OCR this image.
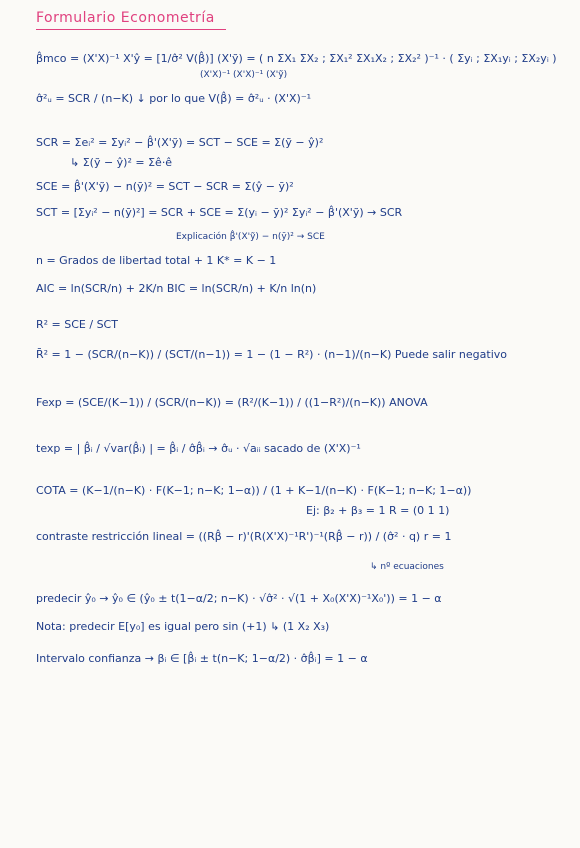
Formulario Econometría
β̂mco = (X'X)⁻¹ X'ŷ = [1/σ̂² V(β̂)] (X'ỹ) = ( n ΣX₁ ΣX₂ ; ΣX₁² ΣX₁X₂ ; ΣX₂² )⁻¹ · ( Σyᵢ ; ΣX₁yᵢ ; ΣX₂yᵢ )
(X'X)⁻¹ (X'X)⁻¹ (X'ỹ)
σ̂²ᵤ = SCR / (n−K) ↓ por lo que V(β̂) = σ̂²ᵤ · (X'X)⁻¹
SCR = Σeᵢ² = Σyᵢ² − β̂'(X'ỹ) = SCT − SCE = Σ(ỹ − ŷ)²
↳ Σ(ỹ − ŷ)² = Σê·ê
SCE = β̂'(X'ỹ) − n(ȳ)² = SCT − SCR = Σ(ŷ − ȳ)²
SCT = [Σyᵢ² − n(ȳ)²] = SCR + SCE = Σ(yᵢ − ȳ)² Σyᵢ² − β̂'(X'ỹ) → SCR
Explicación β̂'(X'ỹ) − n(ȳ)² → SCE
n = Grados de libertad total + 1 K* = K − 1
AIC = ln(SCR/n) + 2K/n BIC = ln(SCR/n) + K/n ln(n)
R² = SCE / SCT
R̄² = 1 − (SCR/(n−K)) / (SCT/(n−1)) = 1 − (1 − R²) · (n−1)/(n−K) Puede salir negativo
Fexp = (SCE/(K−1)) / (SCR/(n−K)) = (R²/(K−1)) / ((1−R²)/(n−K)) ANOVA
texp = | β̂ᵢ / √var(β̂ᵢ) | = β̂ᵢ / σ̂β̂ᵢ → σ̂ᵤ · √aᵢᵢ sacado de (X'X)⁻¹
COTA = (K−1/(n−K) · F(K−1; n−K; 1−α)) / (1 + K−1/(n−K) · F(K−1; n−K; 1−α))
Ej: β₂ + β₃ = 1 R = (0 1 1)
contraste restricción lineal = ((Rβ̂ − r)'(R(X'X)⁻¹R')⁻¹(Rβ̂ − r)) / (σ̂² · q) r = 1
↳ nº ecuaciones
predecir ŷ₀ → ŷ₀ ∈ (ŷ₀ ± t(1−α/2; n−K) · √σ̂² · √(1 + X₀(X'X)⁻¹X₀')) = 1 − α
Nota: predecir E[y₀] es igual pero sin (+1) ↳ (1 X₂ X₃)
Intervalo confianza → βᵢ ∈ [β̂ᵢ ± t(n−K; 1−α/2) · σ̂β̂ᵢ] = 1 − α
